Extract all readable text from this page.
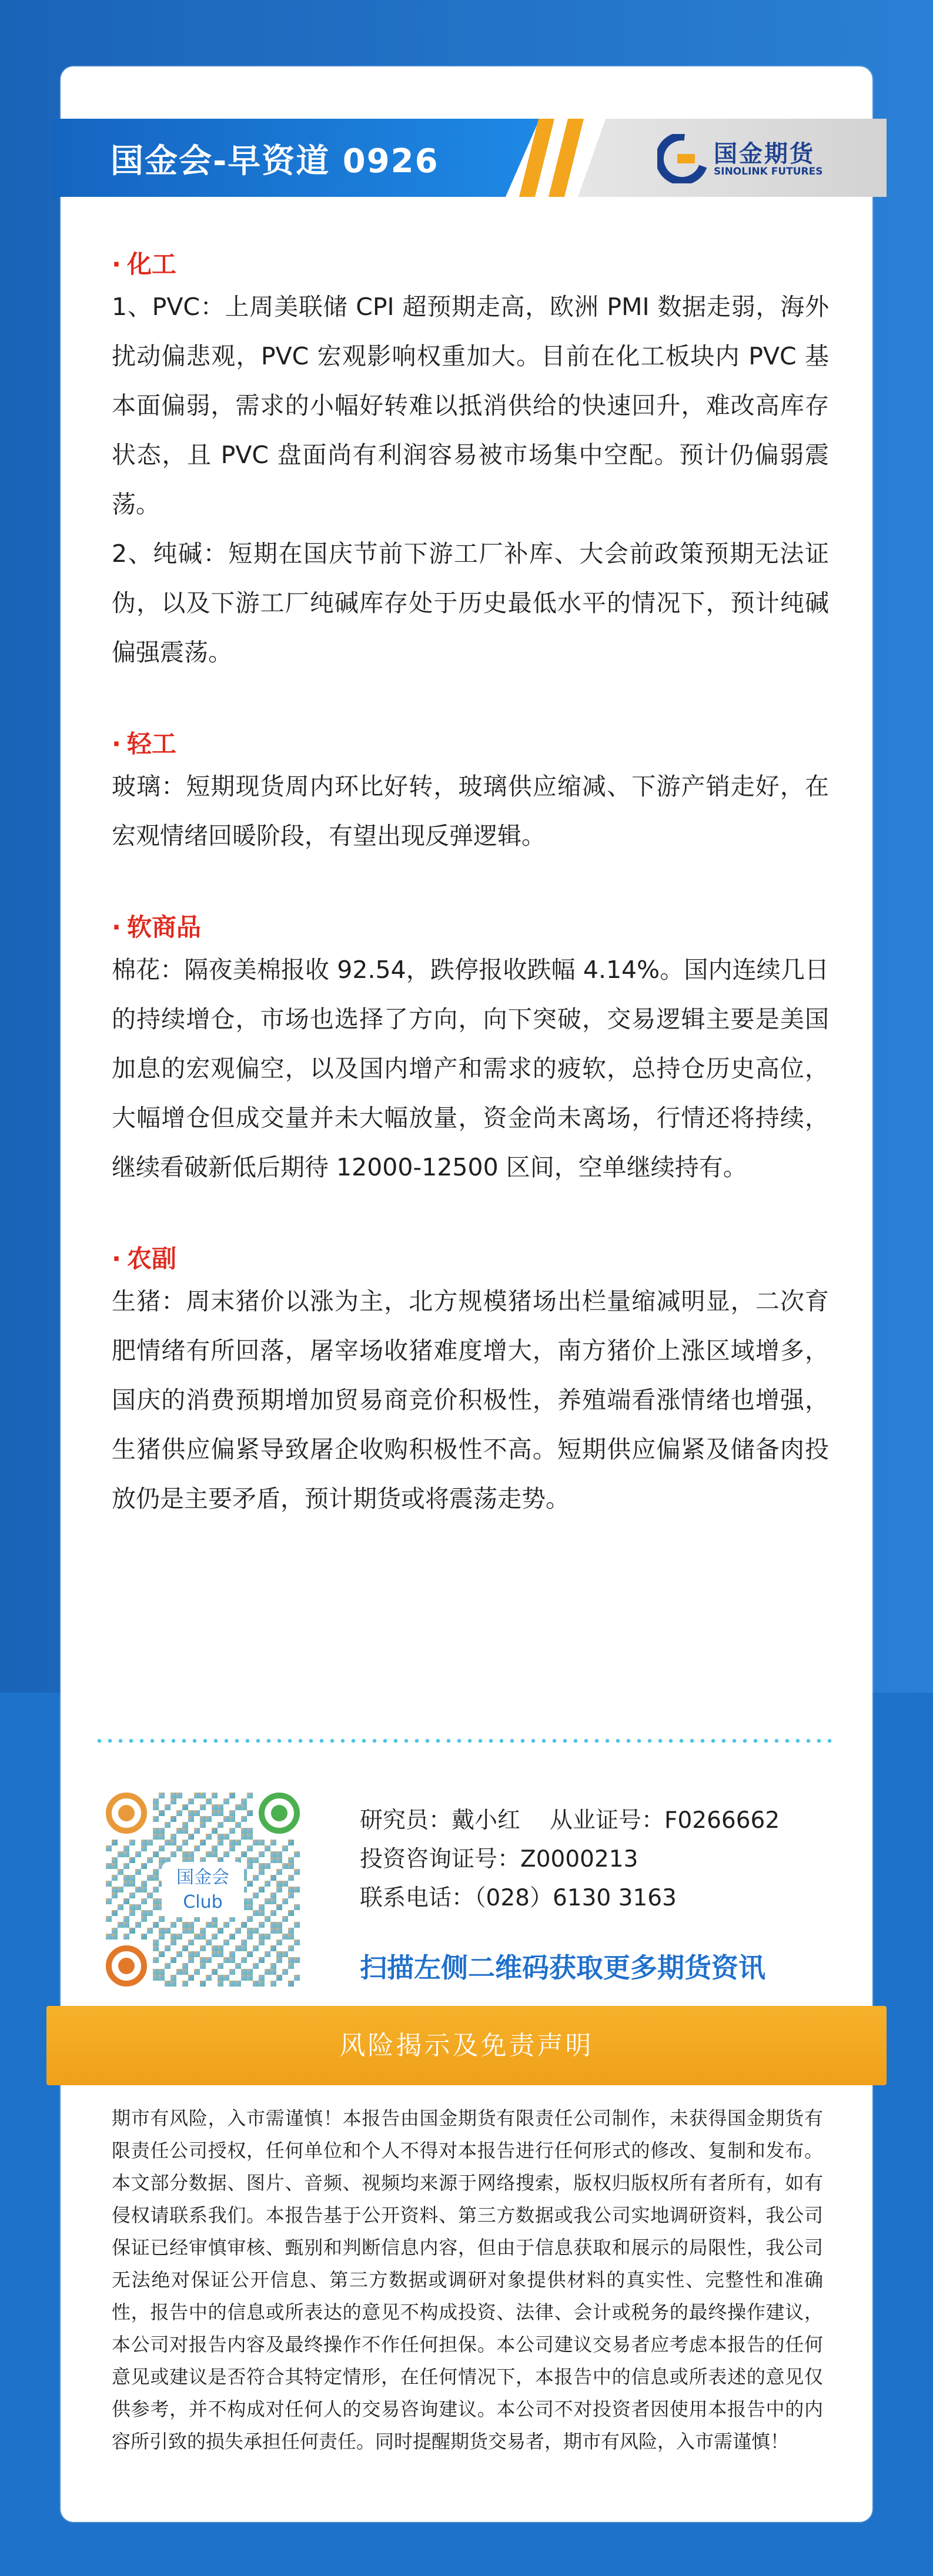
国金会-早资道 0926	国金期货
SINOLINK FUTURES
· 化工

1、PVC：上周美联储 CPI 超预期走高，欧洲 PMI 数据走弱，海外扰动偏悲观，PVC 宏观影响权重加大。目前在化工板块内 PVC 基本面偏弱，需求的小幅好转难以抵消供给的快速回升，难改高库存状态，且 PVC 盘面尚有利润容易被市场集中空配。预计仍偏弱震荡。

2、纯碱：短期在国庆节前下游工厂补库、大会前政策预期无法证伪，以及下游工厂纯碱库存处于历史最低水平的情况下，预计纯碱偏强震荡。

· 轻工

玻璃：短期现货周内环比好转，玻璃供应缩减、下游产销走好，在宏观情绪回暖阶段，有望出现反弹逻辑。

· 软商品

棉花：隔夜美棉报收 92.54，跌停报收跌幅 4.14%。国内连续几日的持续增仓，市场也选择了方向，向下突破，交易逻辑主要是美国加息的宏观偏空，以及国内增产和需求的疲软，总持仓历史高位，大幅增仓但成交量并未大幅放量，资金尚未离场，行情还将持续，继续看破新低后期待 12000-12500 区间，空单继续持有。

· 农副

生猪：周末猪价以涨为主，北方规模猪场出栏量缩减明显，二次育肥情绪有所回落，屠宰场收猪难度增大，南方猪价上涨区域增多，国庆的消费预期增加贸易商竞价积极性，养殖端看涨情绪也增强，生猪供应偏紧导致屠企收购积极性不高。短期供应偏紧及储备肉投放仍是主要矛盾，预计期货或将震荡走势。

国金会
Club
研究员：戴小红 从业证号：F0266662
投资咨询证号：Z0000213
联系电话：（028）6130 3163
扫描左侧二维码获取更多期货资讯
风险揭示及免责声明
期市有风险，入市需谨慎！本报告由国金期货有限责任公司制作，未获得国金期货有限责任公司授权，任何单位和个人不得对本报告进行任何形式的修改、复制和发布。本文部分数据、图片、音频、视频均来源于网络搜索，版权归版权所有者所有，如有侵权请联系我们。本报告基于公开资料、第三方数据或我公司实地调研资料，我公司保证已经审慎审核、甄别和判断信息内容，但由于信息获取和展示的局限性，我公司无法绝对保证公开信息、第三方数据或调研对象提供材料的真实性、完整性和准确性，报告中的信息或所表达的意见不构成投资、法律、会计或税务的最终操作建议，本公司对报告内容及最终操作不作任何担保。本公司建议交易者应考虑本报告的任何意见或建议是否符合其特定情形，在任何情况下，本报告中的信息或所表述的意见仅供参考，并不构成对任何人的交易咨询建议。本公司不对投资者因使用本报告中的内容所引致的损失承担任何责任。同时提醒期货交易者，期市有风险，入市需谨慎！
